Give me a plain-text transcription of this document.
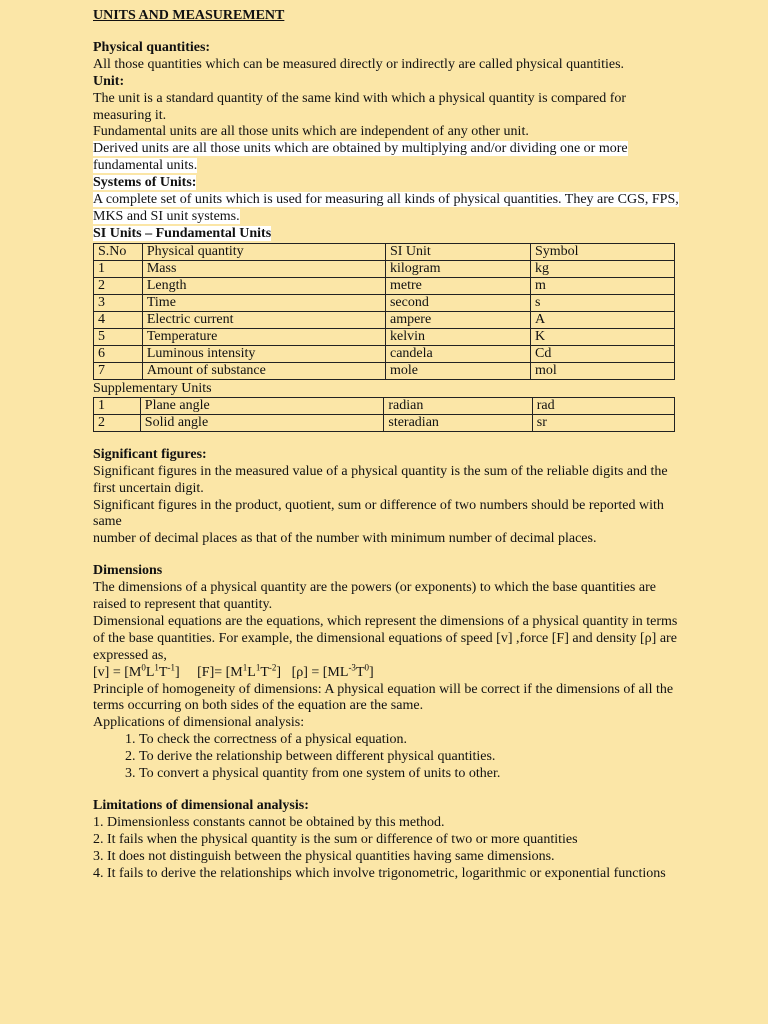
UNITS AND MEASUREMENT
Physical quantities:

All those quantities which can be measured directly or indirectly are called physical quantities.

Unit:

The unit is a standard quantity of the same kind with which a physical quantity is compared for measuring it.

Fundamental units are all those units which are independent of any other unit.

Derived units are all those units which are obtained by multiplying and/or dividing one or more fundamental units.

Systems of Units:

A complete set of units which is used for measuring all kinds of physical quantities. They are CGS, FPS, MKS and SI unit systems.

SI Units – Fundamental Units
S.No	Physical quantity	SI Unit	Symbol
1	Mass	kilogram	kg
2	Length	metre	m
3	Time	second	s
4	Electric current	ampere	A
5	Temperature	kelvin	K
6	Luminous intensity	candela	Cd
7	Amount of substance	mole	mol
Supplementary Units
1	Plane angle	radian	rad
2	Solid angle	steradian	sr
Significant figures:

Significant figures in the measured value of a physical quantity is the sum of the reliable digits and the first uncertain digit.

Significant figures in the product, quotient, sum or difference of two numbers should be reported with same

number of decimal places as that of the number with minimum number of decimal places.

Dimensions

The dimensions of a physical quantity are the powers (or exponents) to which the base quantities are raised to represent that quantity.

Dimensional equations are the equations, which represent the dimensions of a physical quantity in terms of the base quantities. For example, the dimensional equations of speed [v] ,force [F] and density [ρ] are expressed as,

$[v] = [M^0L^1T^{-1}]$ $[F]= [M^1L^1T^{-2}] [\rho] = [ML^{-3}T^0]$

Principle of homogeneity of dimensions: A physical equation will be correct if the dimensions of all the terms occurring on both sides of the equation are the same.

Applications of dimensional analysis:

1. To check the correctness of a physical equation.
2. To derive the relationship between different physical quantities.
3. To convert a physical quantity from one system of units to other.
Limitations of dimensional analysis:

1. Dimensionless constants cannot be obtained by this method.

2. It fails when the physical quantity is the sum or difference of two or more quantities

3. It does not distinguish between the physical quantities having same dimensions.

4. It fails to derive the relationships which involve trigonometric, logarithmic or exponential functions
